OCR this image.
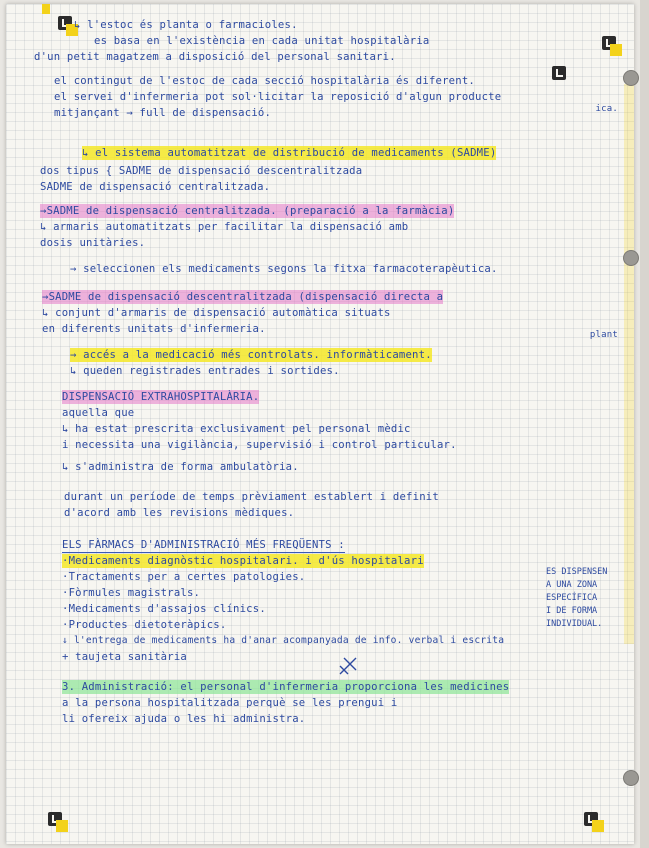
↳ l'estoc és planta o farmacioles.
es basa en l'existència en cada unitat hospitalària
d'un petit magatzem a disposició del personal sanitari.
el contingut de l'estoc de cada secció hospitalària és diferent.
el servei d'infermeria pot sol·licitar la reposició d'algun producte
mitjançant → full de dispensació.
↳ el sistema automatitzat de distribució de medicaments (SADME)
dos tipus { SADME de dispensació descentralitzada
SADME de dispensació centralitzada.
→SADME de dispensació centralitzada. (preparació a la farmàcia)
↳ armaris automatitzats per facilitar la dispensació amb
dosis unitàries.
→ seleccionen els medicaments segons la fitxa farmacoterapèutica.
→SADME de dispensació descentralitzada (dispensació directa a
↳ conjunt d'armaris de dispensació automàtica situats
en diferents unitats d'infermeria.
→ accés a la medicació més controlats. informàticament.
↳ queden registrades entrades i sortides.
DISPENSACIÓ EXTRAHOSPITALÀRIA.
aquella que
↳ ha estat prescrita exclusivament pel personal mèdic
i necessita una vigilància, supervisió i control particular.
↳ s'administra de forma ambulatòria.
durant un període de temps prèviament establert i definit
d'acord amb les revisions mèdiques.
ELS FÀRMACS D'ADMINISTRACIÓ MÉS FREQÜENTS :
·Medicaments diagnòstic hospitalari. i d'ús hospitalari
·Tractaments per a certes patologies.
·Fòrmules magistrals.
·Medicaments d'assajos clínics.
·Productes dietoteràpics.
↓ l'entrega de medicaments ha d'anar acompanyada de info. verbal i escrita
+ taujeta sanitària
3. Administració: el personal d'infermeria proporciona les medicines
a la persona hospitalitzada perquè se les prengui i
li ofereix ajuda o les hi administra.
ica.
plant
ES DISPENSEN
A UNA ZONA
ESPECÍFICA
I DE FORMA
INDIVIDUAL.
